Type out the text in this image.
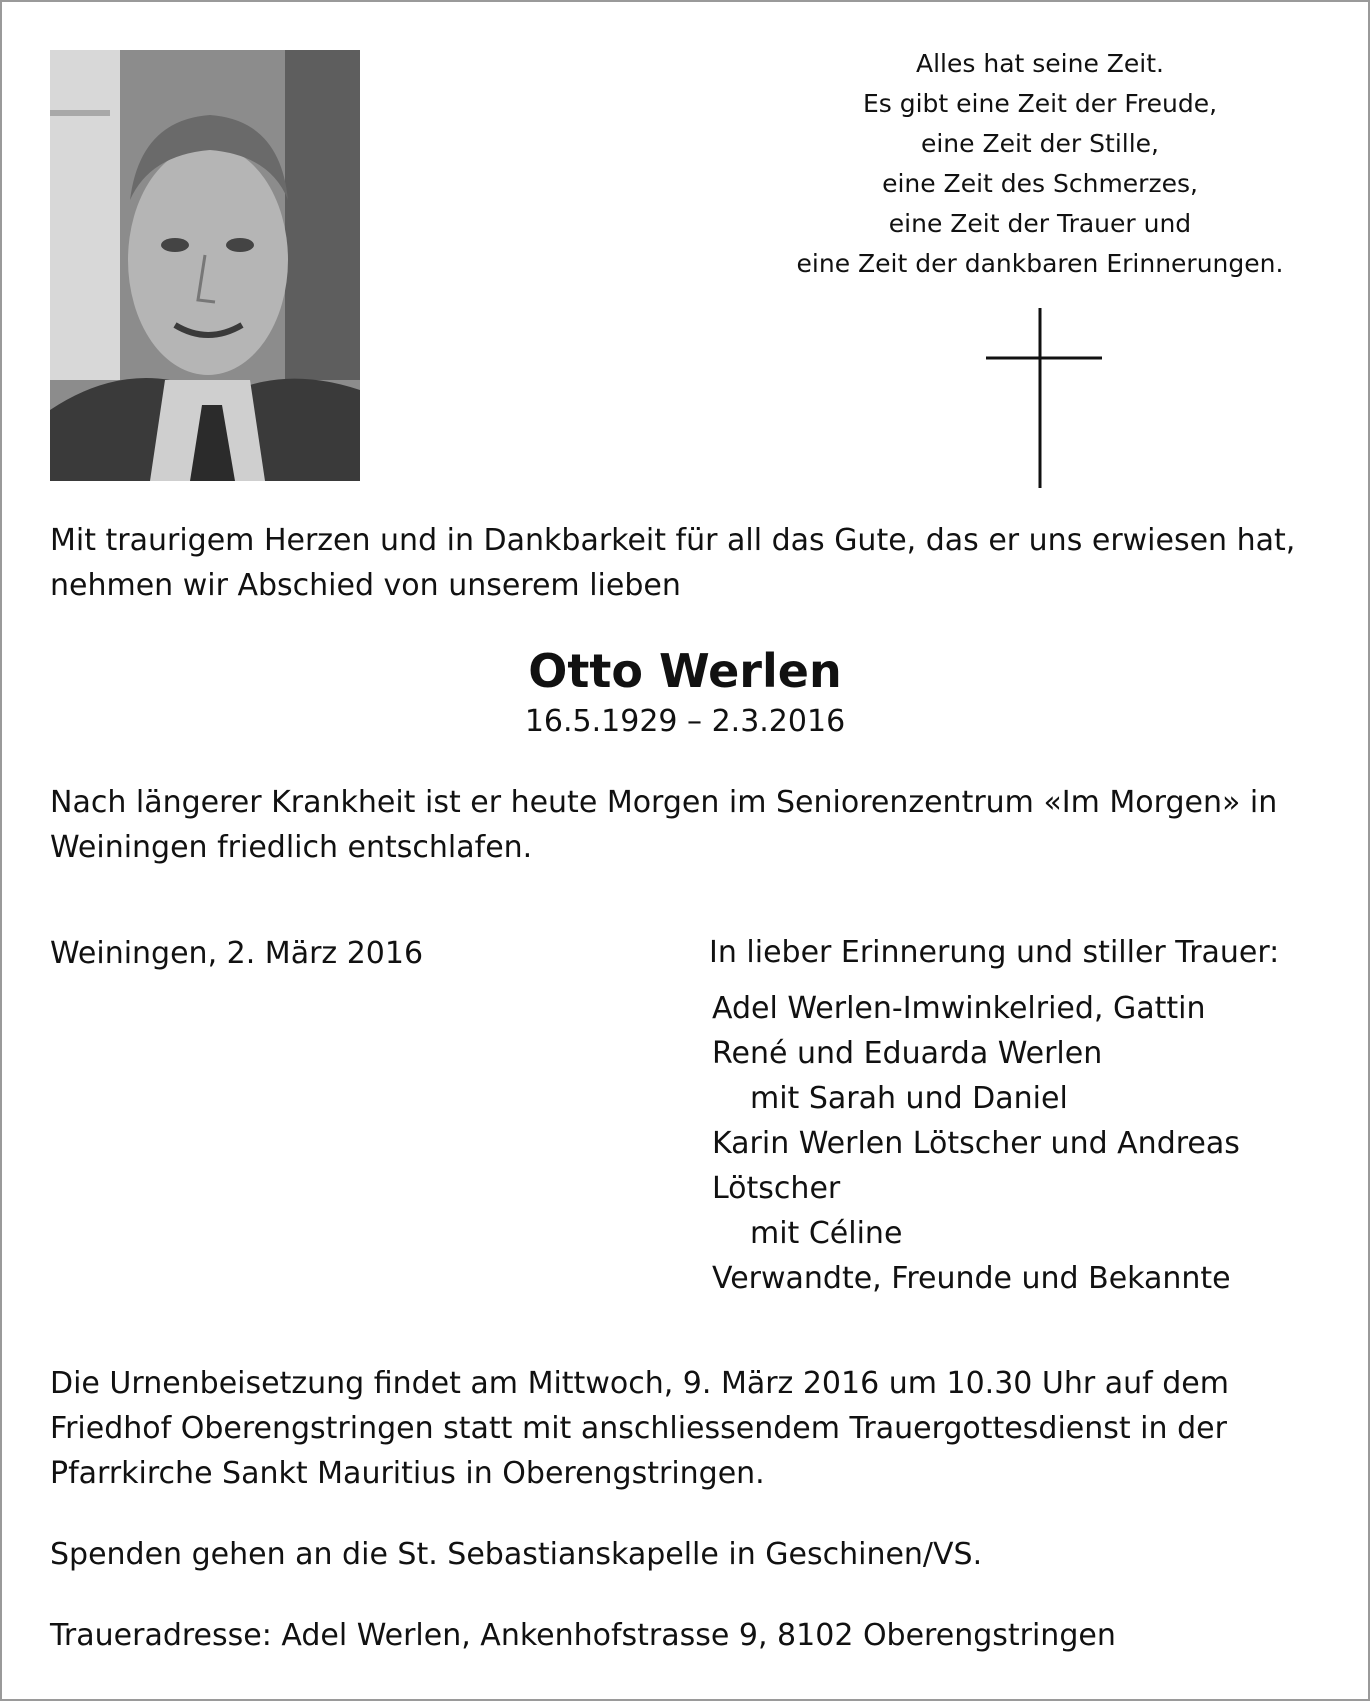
Alles hat seine Zeit.
Es gibt eine Zeit der Freude,
eine Zeit der Stille,
eine Zeit des Schmerzes,
eine Zeit der Trauer und
eine Zeit der dankbaren Erinnerungen.
Mit traurigem Herzen und in Dankbarkeit für all das Gute, das er uns erwiesen hat,
nehmen wir Abschied von unserem lieben
Otto Werlen
16.5.1929 – 2.3.2016
Nach längerer Krankheit ist er heute Morgen im Seniorenzentrum «Im Morgen» in
Weiningen friedlich entschlafen.
Weiningen, 2. März 2016	In lieber Erinnerung und stiller Trauer:
Adel Werlen-Imwinkelried, Gattin
René und Eduarda Werlen
mit Sarah und Daniel
Karin Werlen Lötscher und Andreas
Lötscher
mit Céline
Verwandte, Freunde und Bekannte
Die Urnenbeisetzung findet am Mittwoch, 9. März 2016 um 10.30 Uhr auf dem
Friedhof Oberengstringen statt mit anschliessendem Trauergottesdienst in der
Pfarrkirche Sankt Mauritius in Oberengstringen.
Spenden gehen an die St. Sebastianskapelle in Geschinen/VS.
Traueradresse: Adel Werlen, Ankenhofstrasse 9, 8102 Oberengstringen
